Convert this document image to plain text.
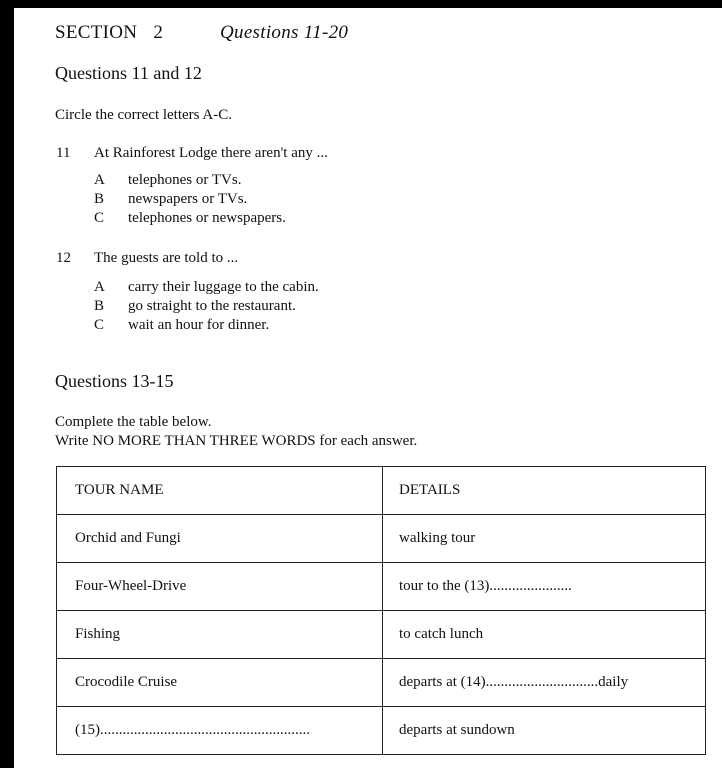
SECTION 2	Questions 11-20
Questions 11 and 12
Circle the correct letters A-C.
11 At Rainforest Lodge there aren't any ...
A	telephones or TVs.
B	newspapers or TVs.
C	telephones or newspapers.
12 The guests are told to ...
A	carry their luggage to the cabin.
B	go straight to the restaurant.
C	wait an hour for dinner.
Questions 13-15
Complete the table below.
Write NO MORE THAN THREE WORDS for each answer.
TOUR NAME	DETAILS
Orchid and Fungi	walking tour
Four-Wheel-Drive	tour to the (13)......................
Fishing	to catch lunch
Crocodile Cruise	departs at (14)..............................daily
(15)........................................................	departs at sundown
